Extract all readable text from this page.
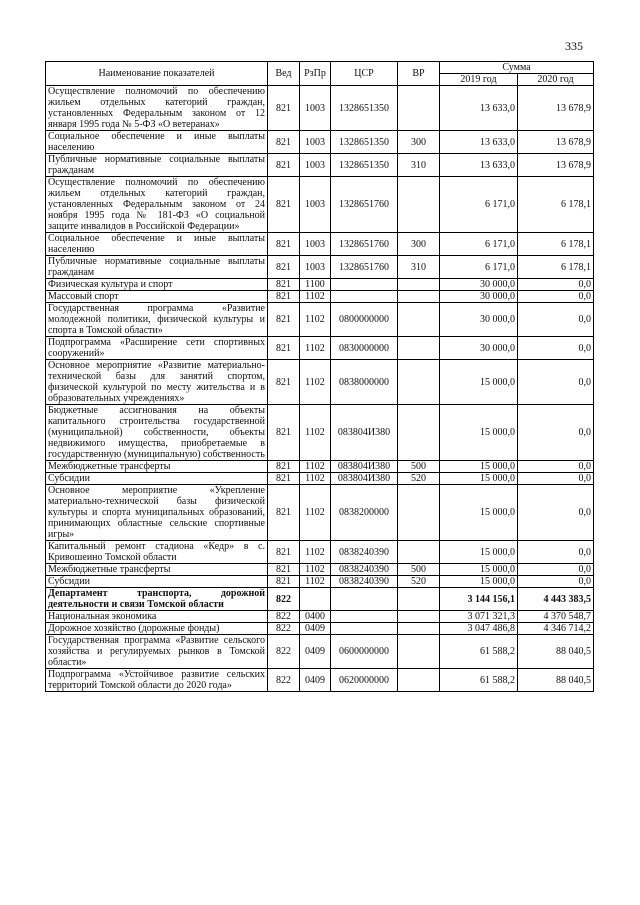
335
Наименование показателей	Вед	РзПр	ЦСР	ВР	Сумма	
					2019 год	2020 год
Осуществление полномочий по обеспечению жильем отдельных категорий граждан, установленных Федеральным законом от 12 января 1995 года № 5-ФЗ «О ветеранах»	821	1003	1328651350		13 633,0	13 678,9
Социальное обеспечение и иные выплаты населению	821	1003	1328651350	300	13 633,0	13 678,9
Публичные нормативные социальные выплаты гражданам	821	1003	1328651350	310	13 633,0	13 678,9
Осуществление полномочий по обеспечению жильем отдельных категорий граждан, установленных Федеральным законом от 24 ноября 1995 года № 181-ФЗ «О социальной защите инвалидов в Российской Федерации»	821	1003	1328651760		6 171,0	6 178,1
Социальное обеспечение и иные выплаты населению	821	1003	1328651760	300	6 171,0	6 178,1
Публичные нормативные социальные выплаты гражданам	821	1003	1328651760	310	6 171,0	6 178,1
Физическая культура и спорт	821	1100			30 000,0	0,0
Массовый спорт	821	1102			30 000,0	0,0
Государственная программа «Развитие молодежной политики, физической культуры и спорта в Томской области»	821	1102	0800000000		30 000,0	0,0
Подпрограмма «Расширение сети спортивных сооружений»	821	1102	0830000000		30 000,0	0,0
Основное мероприятие «Развитие материально-технической базы для занятий спортом, физической культурой по месту жительства и в образовательных учреждениях»	821	1102	0838000000		15 000,0	0,0
Бюджетные ассигнования на объекты капитального строительства государственной (муниципальной) собственности, объекты недвижимого имущества, приобретаемые в государственную (муниципальную) собственность	821	1102	083804И380		15 000,0	0,0
Межбюджетные трансферты	821	1102	083804И380	500	15 000,0	0,0
Субсидии	821	1102	083804И380	520	15 000,0	0,0
Основное мероприятие «Укрепление материально-технической базы физической культуры и спорта муниципальных образований, принимающих областные сельские спортивные игры»	821	1102	0838200000		15 000,0	0,0
Капитальный ремонт стадиона «Кедр» в с. Кривошеино Томской области	821	1102	0838240390		15 000,0	0,0
Межбюджетные трансферты	821	1102	0838240390	500	15 000,0	0,0
Субсидии	821	1102	0838240390	520	15 000,0	0,0
Департамент транспорта, дорожной деятельности и связи Томской области	822				3 144 156,1	4 443 383,5
Национальная экономика	822	0400			3 071 321,3	4 370 548,7
Дорожное хозяйство (дорожные фонды)	822	0409			3 047 486,8	4 346 714,2
Государственная программа «Развитие сельского хозяйства и регулируемых рынков в Томской области»	822	0409	0600000000		61 588,2	88 040,5
Подпрограмма «Устойчивое развитие сельских территорий Томской области до 2020 года»	822	0409	0620000000		61 588,2	88 040,5
